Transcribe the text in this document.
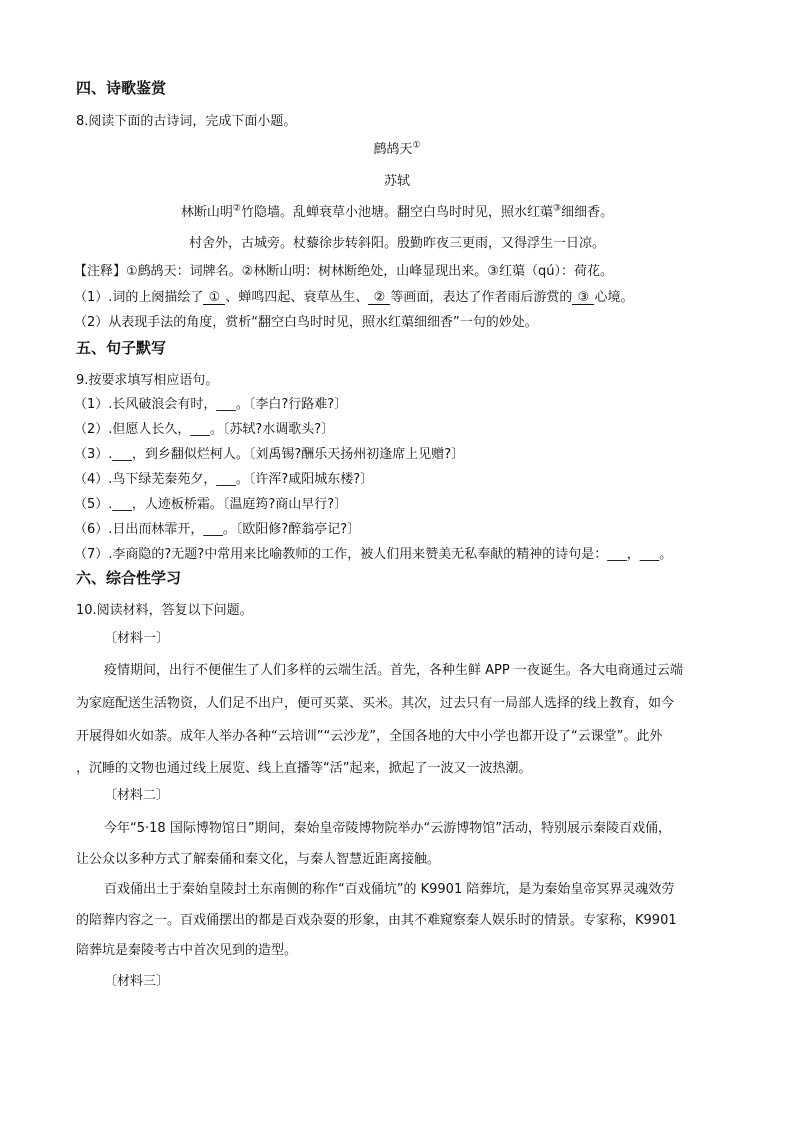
四、诗歌鉴赏
8.阅读下面的古诗词，完成下面小题。
鹧鸪天①
苏轼
林断山明②竹隐墙。乱蝉衰草小池塘。翻空白鸟时时见，照水红蕖③细细香。
村舍外，古城旁。杖藜徐步转斜阳。殷勤昨夜三更雨，又得浮生一日凉。
【注释】①鹧鸪天：词牌名。②林断山明：树林断绝处，山峰显现出来。③红蕖（qú）：荷花。
（1）.词的上阕描绘了 ① 、蝉鸣四起、衰草丛生、 ② 等画面，表达了作者雨后游赏的 ③ 心境。
（2）从表现手法的角度，赏析“翻空白鸟时时见，照水红蕖细细香”一句的妙处。
五、句子默写
9.按要求填写相应语句。
（1）.长风破浪会有时，___。〔李白?行路难?〕
（2）.但愿人长久，___。〔苏轼?水调歌头?〕
（3）.___，到乡翻似烂柯人。〔刘禹锡?酬乐天扬州初逢席上见赠?〕
（4）.鸟下绿芜秦苑夕，___。〔许浑?咸阳城东楼?〕
（5）.___，人迹板桥霜。〔温庭筠?商山早行?〕
（6）.日出而林霏开，___。〔欧阳修?醉翁亭记?〕
（7）.李商隐的?无题?中常用来比喻教师的工作，被人们用来赞美无私奉献的精神的诗句是：___，___。
六、综合性学习
10.阅读材料，答复以下问题。
〔材料一〕
疫情期间，出行不便催生了人们多样的云端生活。首先，各种生鲜 APP 一夜诞生。各大电商通过云端
为家庭配送生活物资，人们足不出户，便可买菜、买米。其次，过去只有一局部人选择的线上教育，如今
开展得如火如荼。成年人举办各种“云培训”“云沙龙”，全国各地的大中小学也都开设了“云课堂”。此外
，沉睡的文物也通过线上展览、线上直播等“活”起来，掀起了一波又一波热潮。
〔材料二〕
今年“5·18 国际博物馆日”期间，秦始皇帝陵博物院举办“云游博物馆”活动，特别展示秦陵百戏俑，
让公众以多种方式了解秦俑和秦文化，与秦人智慧近距离接触。
百戏俑出土于秦始皇陵封土东南侧的称作“百戏俑坑”的 K9901 陪葬坑，是为秦始皇帝冥界灵魂效劳
的陪葬内容之一。百戏俑摆出的都是百戏杂耍的形象，由其不难窥察秦人娱乐时的情景。专家称，K9901
陪葬坑是秦陵考古中首次见到的造型。
〔材料三〕
